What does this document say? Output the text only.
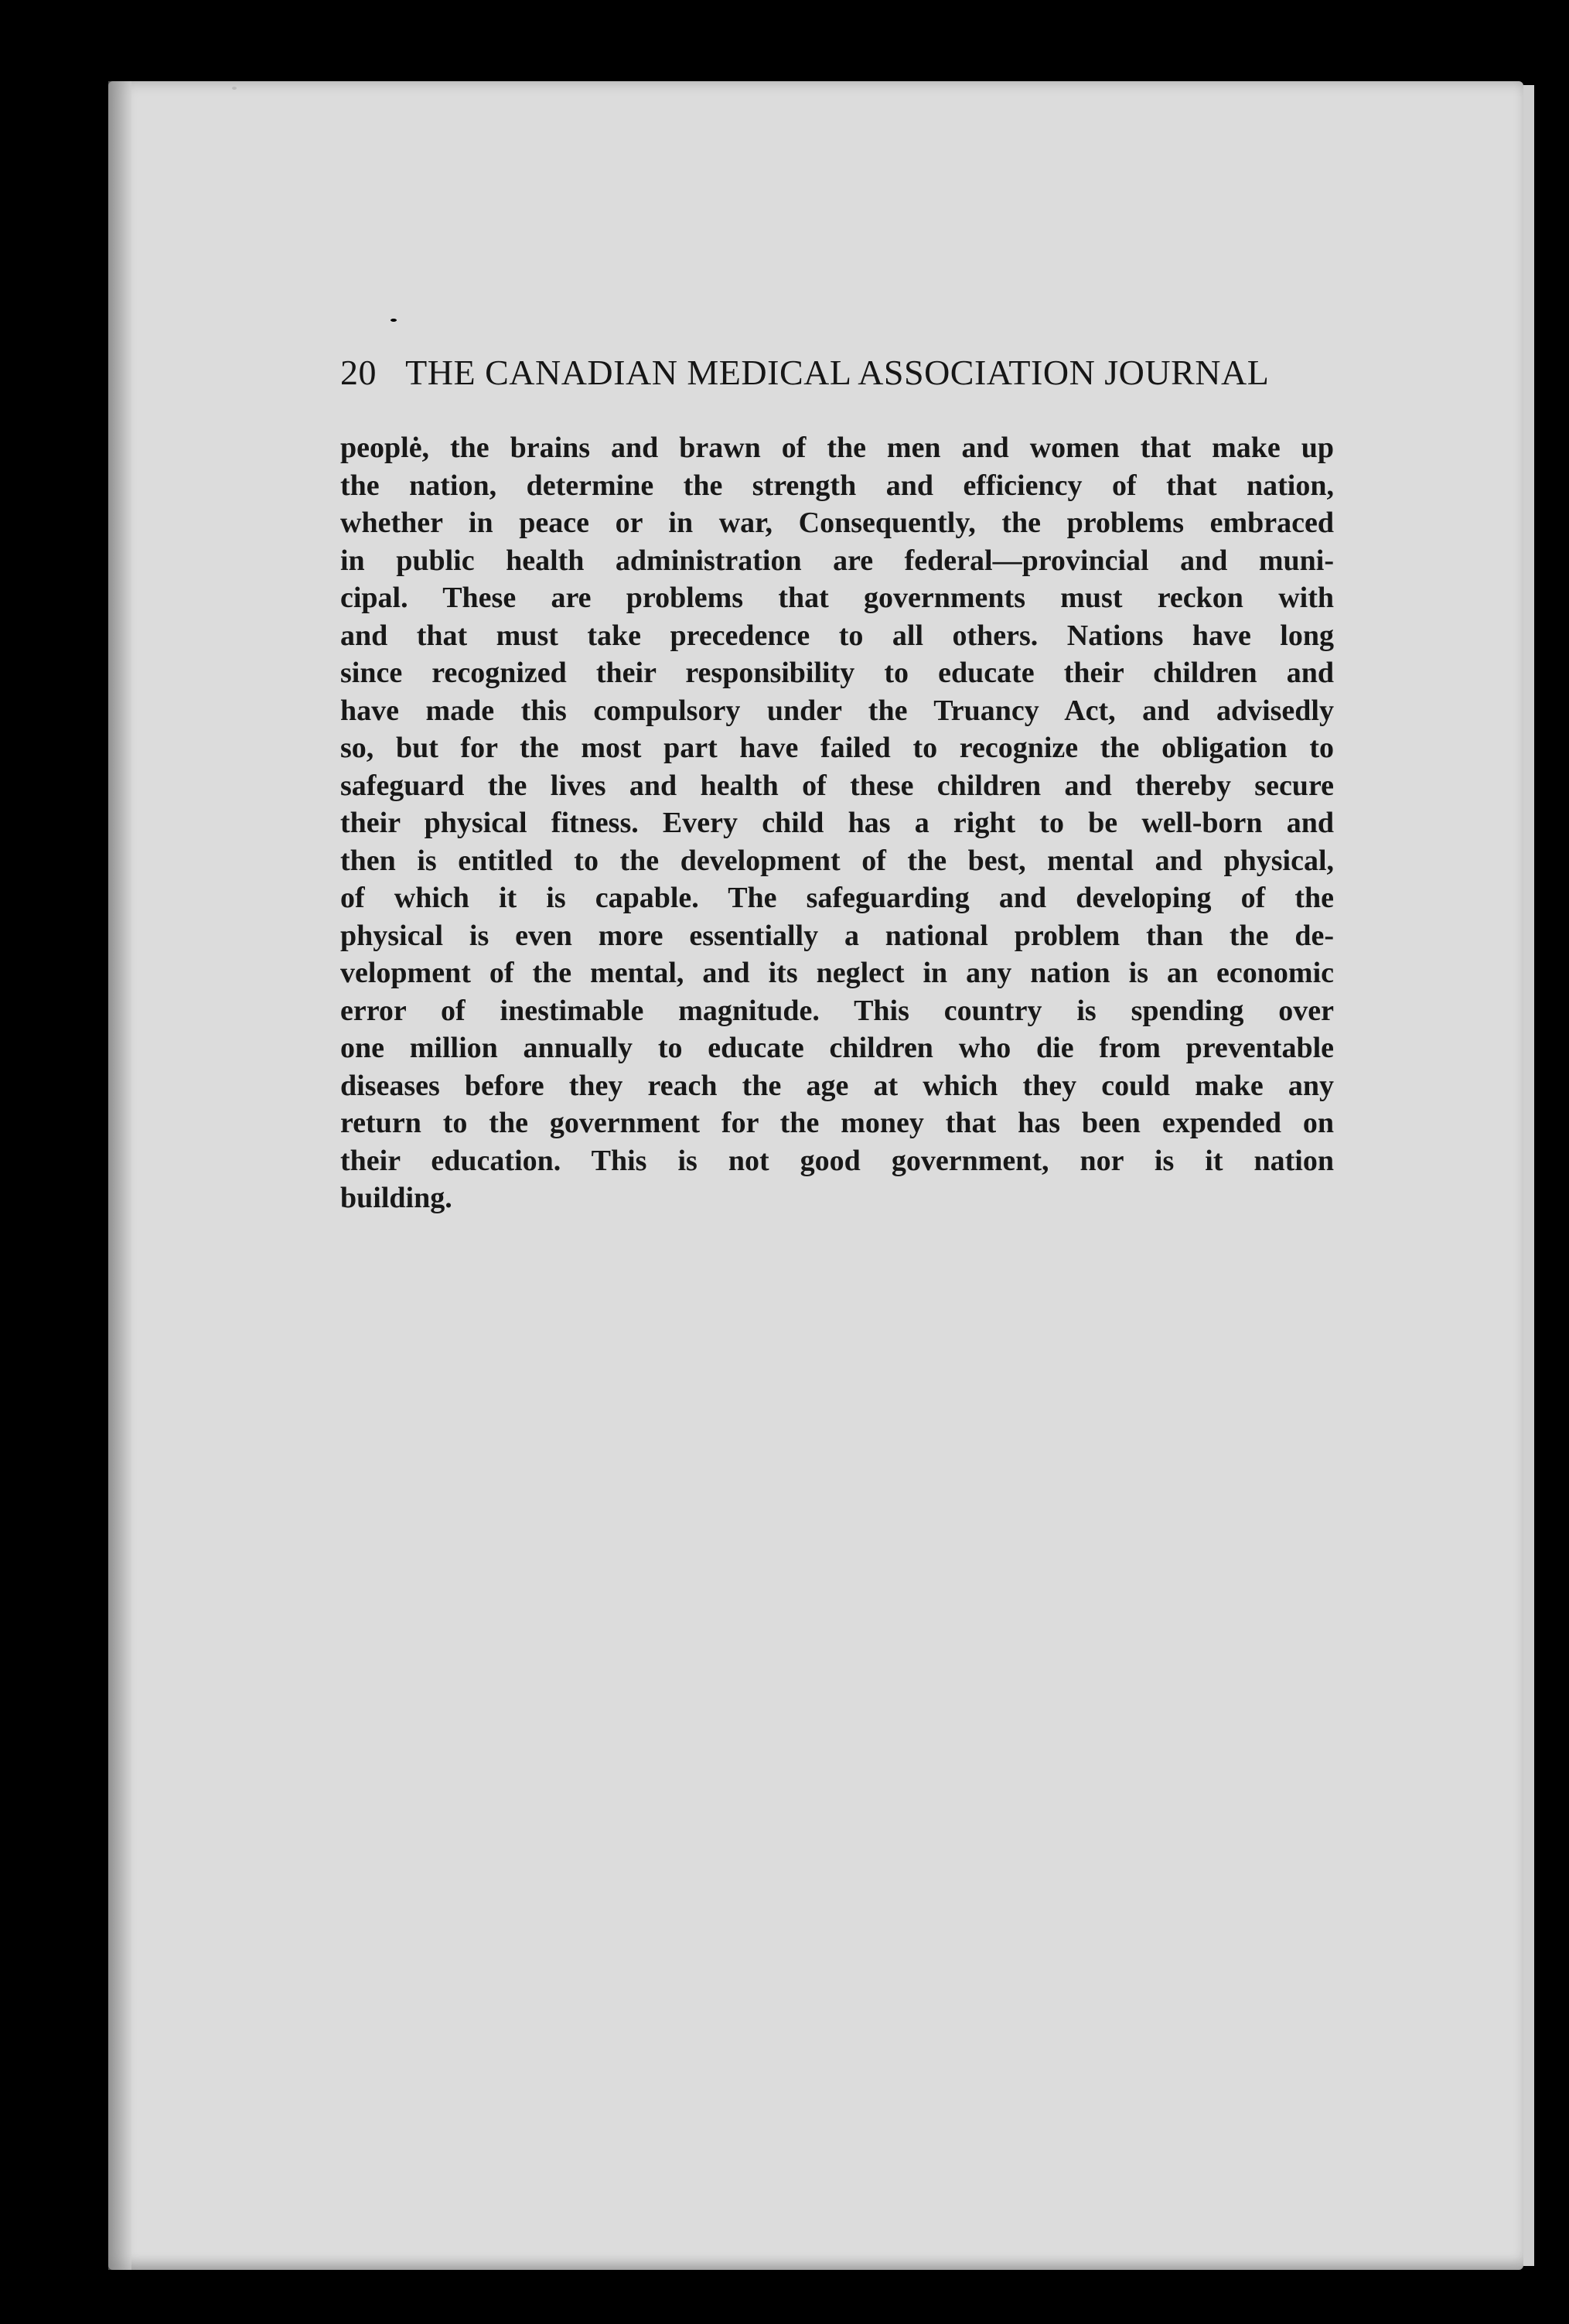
20 THE CANADIAN MEDICAL ASSOCIATION JOURNAL
peoplė, the brains and brawn of the men and women that make up
the nation, determine the strength and efficiency of that nation,
whether in peace or in war, Consequently, the problems embraced
in public health administration are federal—provincial and muni-
cipal. These are problems that governments must reckon with
and that must take precedence to all others. Nations have long
since recognized their responsibility to educate their children and
have made this compulsory under the Truancy Act, and advisedly
so, but for the most part have failed to recognize the obligation to
safeguard the lives and health of these children and thereby secure
their physical fitness. Every child has a right to be well-born and
then is entitled to the development of the best, mental and physical,
of which it is capable. The safeguarding and developing of the
physical is even more essentially a national problem than the de-
velopment of the mental, and its neglect in any nation is an economic
error of inestimable magnitude. This country is spending over
one million annually to educate children who die from preventable
diseases before they reach the age at which they could make any
return to the government for the money that has been expended on
their education. This is not good government, nor is it nation
building.
